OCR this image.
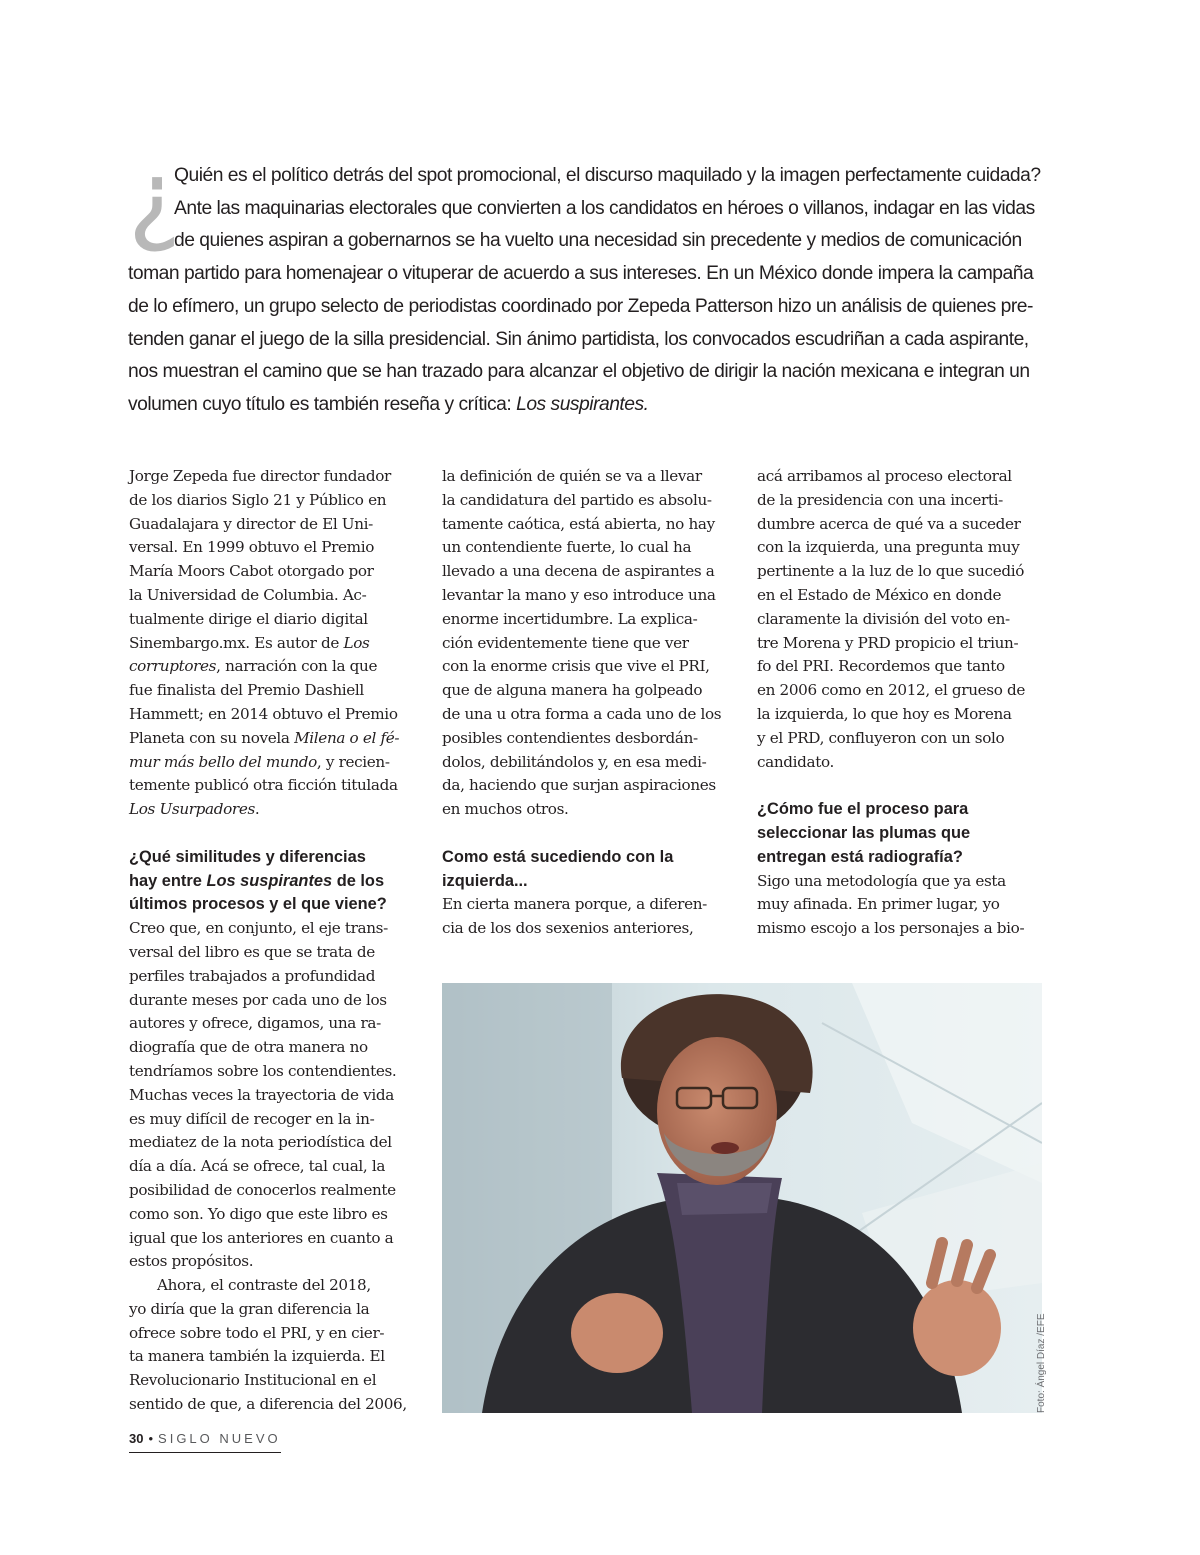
¿
Quién es el político detrás del spot promocional, el discurso maquilado y la imagen perfectamente cuidada?
Ante las maquinarias electorales que convierten a los candidatos en héroes o villanos, indagar en las vidas
de quienes aspiran a gobernarnos se ha vuelto una necesidad sin precedente y medios de comunicación
toman partido para homenajear o vituperar de acuerdo a sus intereses. En un México donde impera la campaña
de lo efímero, un grupo selecto de periodistas coordinado por Zepeda Patterson hizo un análisis de quienes pre-
tenden ganar el juego de la silla presidencial. Sin ánimo partidista, los convocados escudriñan a cada aspirante,
nos muestran el camino que se han trazado para alcanzar el objetivo de dirigir la nación mexicana e integran un
volumen cuyo título es también reseña y crítica: Los suspirantes.
Jorge Zepeda fue director fundador
de los diarios Siglo 21 y Público en
Guadalajara y director de El Uni-
versal. En 1999 obtuvo el Premio
María Moors Cabot otorgado por
la Universidad de Columbia. Ac-
tualmente dirige el diario digital
Sinembargo.mx. Es autor de Los
corruptores, narración con la que
fue finalista del Premio Dashiell
Hammett; en 2014 obtuvo el Premio
Planeta con su novela Milena o el fé-
mur más bello del mundo, y recien-
temente publicó otra ficción titulada
Los Usurpadores.
¿Qué similitudes y diferencias
hay entre Los suspirantes de los
últimos procesos y el que viene?
Creo que, en conjunto, el eje trans-
versal del libro es que se trata de
perfiles trabajados a profundidad
durante meses por cada uno de los
autores y ofrece, digamos, una ra-
diografía que de otra manera no
tendríamos sobre los contendientes.
Muchas veces la trayectoria de vida
es muy difícil de recoger en la in-
mediatez de la nota periodística del
día a día. Acá se ofrece, tal cual, la
posibilidad de conocerlos realmente
como son. Yo digo que este libro es
igual que los anteriores en cuanto a
estos propósitos.
Ahora, el contraste del 2018,
yo diría que la gran diferencia la
ofrece sobre todo el PRI, y en cier-
ta manera también la izquierda. El
Revolucionario Institucional en el
sentido de que, a diferencia del 2006,
la definición de quién se va a llevar
la candidatura del partido es absolu-
tamente caótica, está abierta, no hay
un contendiente fuerte, lo cual ha
llevado a una decena de aspirantes a
levantar la mano y eso introduce una
enorme incertidumbre. La explica-
ción evidentemente tiene que ver
con la enorme crisis que vive el PRI,
que de alguna manera ha golpeado
de una u otra forma a cada uno de los
posibles contendientes desbordán-
dolos, debilitándolos y, en esa medi-
da, haciendo que surjan aspiraciones
en muchos otros.
Como está sucediendo con la
izquierda...
En cierta manera porque, a diferen-
cia de los dos sexenios anteriores,
acá arribamos al proceso electoral
de la presidencia con una incerti-
dumbre acerca de qué va a suceder
con la izquierda, una pregunta muy
pertinente a la luz de lo que sucedió
en el Estado de México en donde
claramente la división del voto en-
tre Morena y PRD propicio el triun-
fo del PRI. Recordemos que tanto
en 2006 como en 2012, el grueso de
la izquierda, lo que hoy es Morena
y el PRD, confluyeron con un solo
candidato.
¿Cómo fue el proceso para
seleccionar las plumas que
entregan está radiografía?
Sigo una metodología que ya esta
muy afinada. En primer lugar, yo
mismo escojo a los personajes a bio-
Foto: Ángel Díaz /EFE
30 • SIGLO NUEVO
